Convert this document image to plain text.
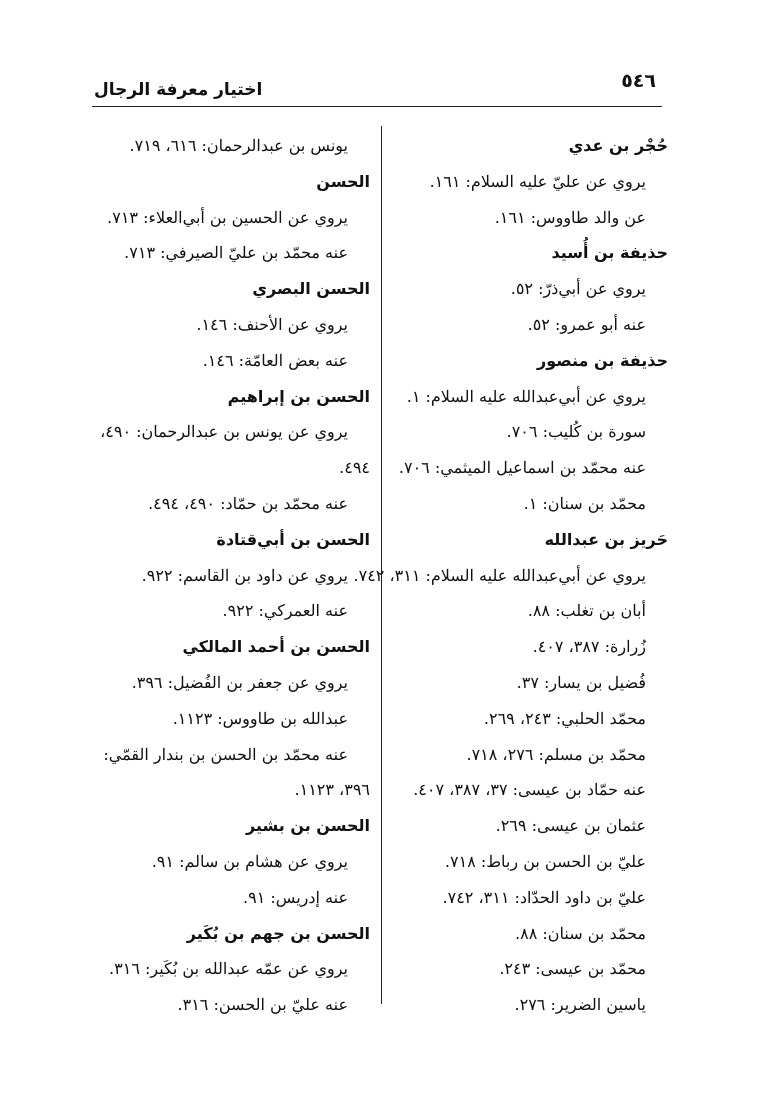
٥٤٦
اختيار معرفة الرجال
حُجْر بن عدي
يروي عن عليّ عليه السلام: ١٦١.
عن والد طاووس: ١٦١.
حذيفة بن أُسيد
يروي عن أبي‌ذرّ: ٥٢.
عنه أبو عمرو: ٥٢.
حذيفة بن منصور
يروي عن أبي‌عبدالله عليه السلام: ١.
سورة بن كُليب: ٧٠٦.
عنه محمّد بن اسماعيل الميثمي: ٧٠٦.
محمّد بن سنان: ١.
حَريز بن عبدالله
يروي عن أبي‌عبدالله عليه السلام: ٣١١، ٧٤٢.
أبان بن تغلب: ٨٨.
زُرارة: ٣٨٧، ٤٠٧.
فُضيل بن يسار: ٣٧.
محمّد الحلبي: ٢٤٣، ٢٦٩.
محمّد بن مسلم: ٢٧٦، ٧١٨.
عنه حمّاد بن عيسى: ٣٧، ٣٨٧، ٤٠٧.
عثمان بن عيسى: ٢٦٩.
عليّ بن الحسن بن رباط: ٧١٨.
عليّ بن داود الحدّاد: ٣١١، ٧٤٢.
محمّد بن سنان: ٨٨.
محمّد بن عيسى: ٢٤٣.
ياسين الضرير: ٢٧٦.
يونس بن عبدالرحمان: ٦١٦، ٧١٩.
الحسن
يروي عن الحسين بن أبي‌العلاء: ٧١٣.
عنه محمّد بن عليّ الصيرفي: ٧١٣.
الحسن البصري
يروي عن الأحنف: ١٤٦.
عنه بعض العامّة: ١٤٦.
الحسن بن إبراهيم
يروي عن يونس بن عبدالرحمان: ٤٩٠،
٤٩٤.
عنه محمّد بن حمّاد: ٤٩٠، ٤٩٤.
الحسن بن أبي‌قتادة
يروي عن داود بن القاسم: ٩٢٢.
عنه العمركي: ٩٢٢.
الحسن بن أحمد المالكي
يروي عن جعفر بن الفُضيل: ٣٩٦.
عبدالله بن طاووس: ١١٢٣.
عنه محمّد بن الحسن بن بندار القمّي:
٣٩٦، ١١٢٣.
الحسن بن بشير
يروي عن هشام بن سالم: ٩١.
عنه إدريس: ٩١.
الحسن بن جهم بن بُكَير
يروي عن عمّه عبدالله بن بُكَير: ٣١٦.
عنه عليّ بن الحسن: ٣١٦.
